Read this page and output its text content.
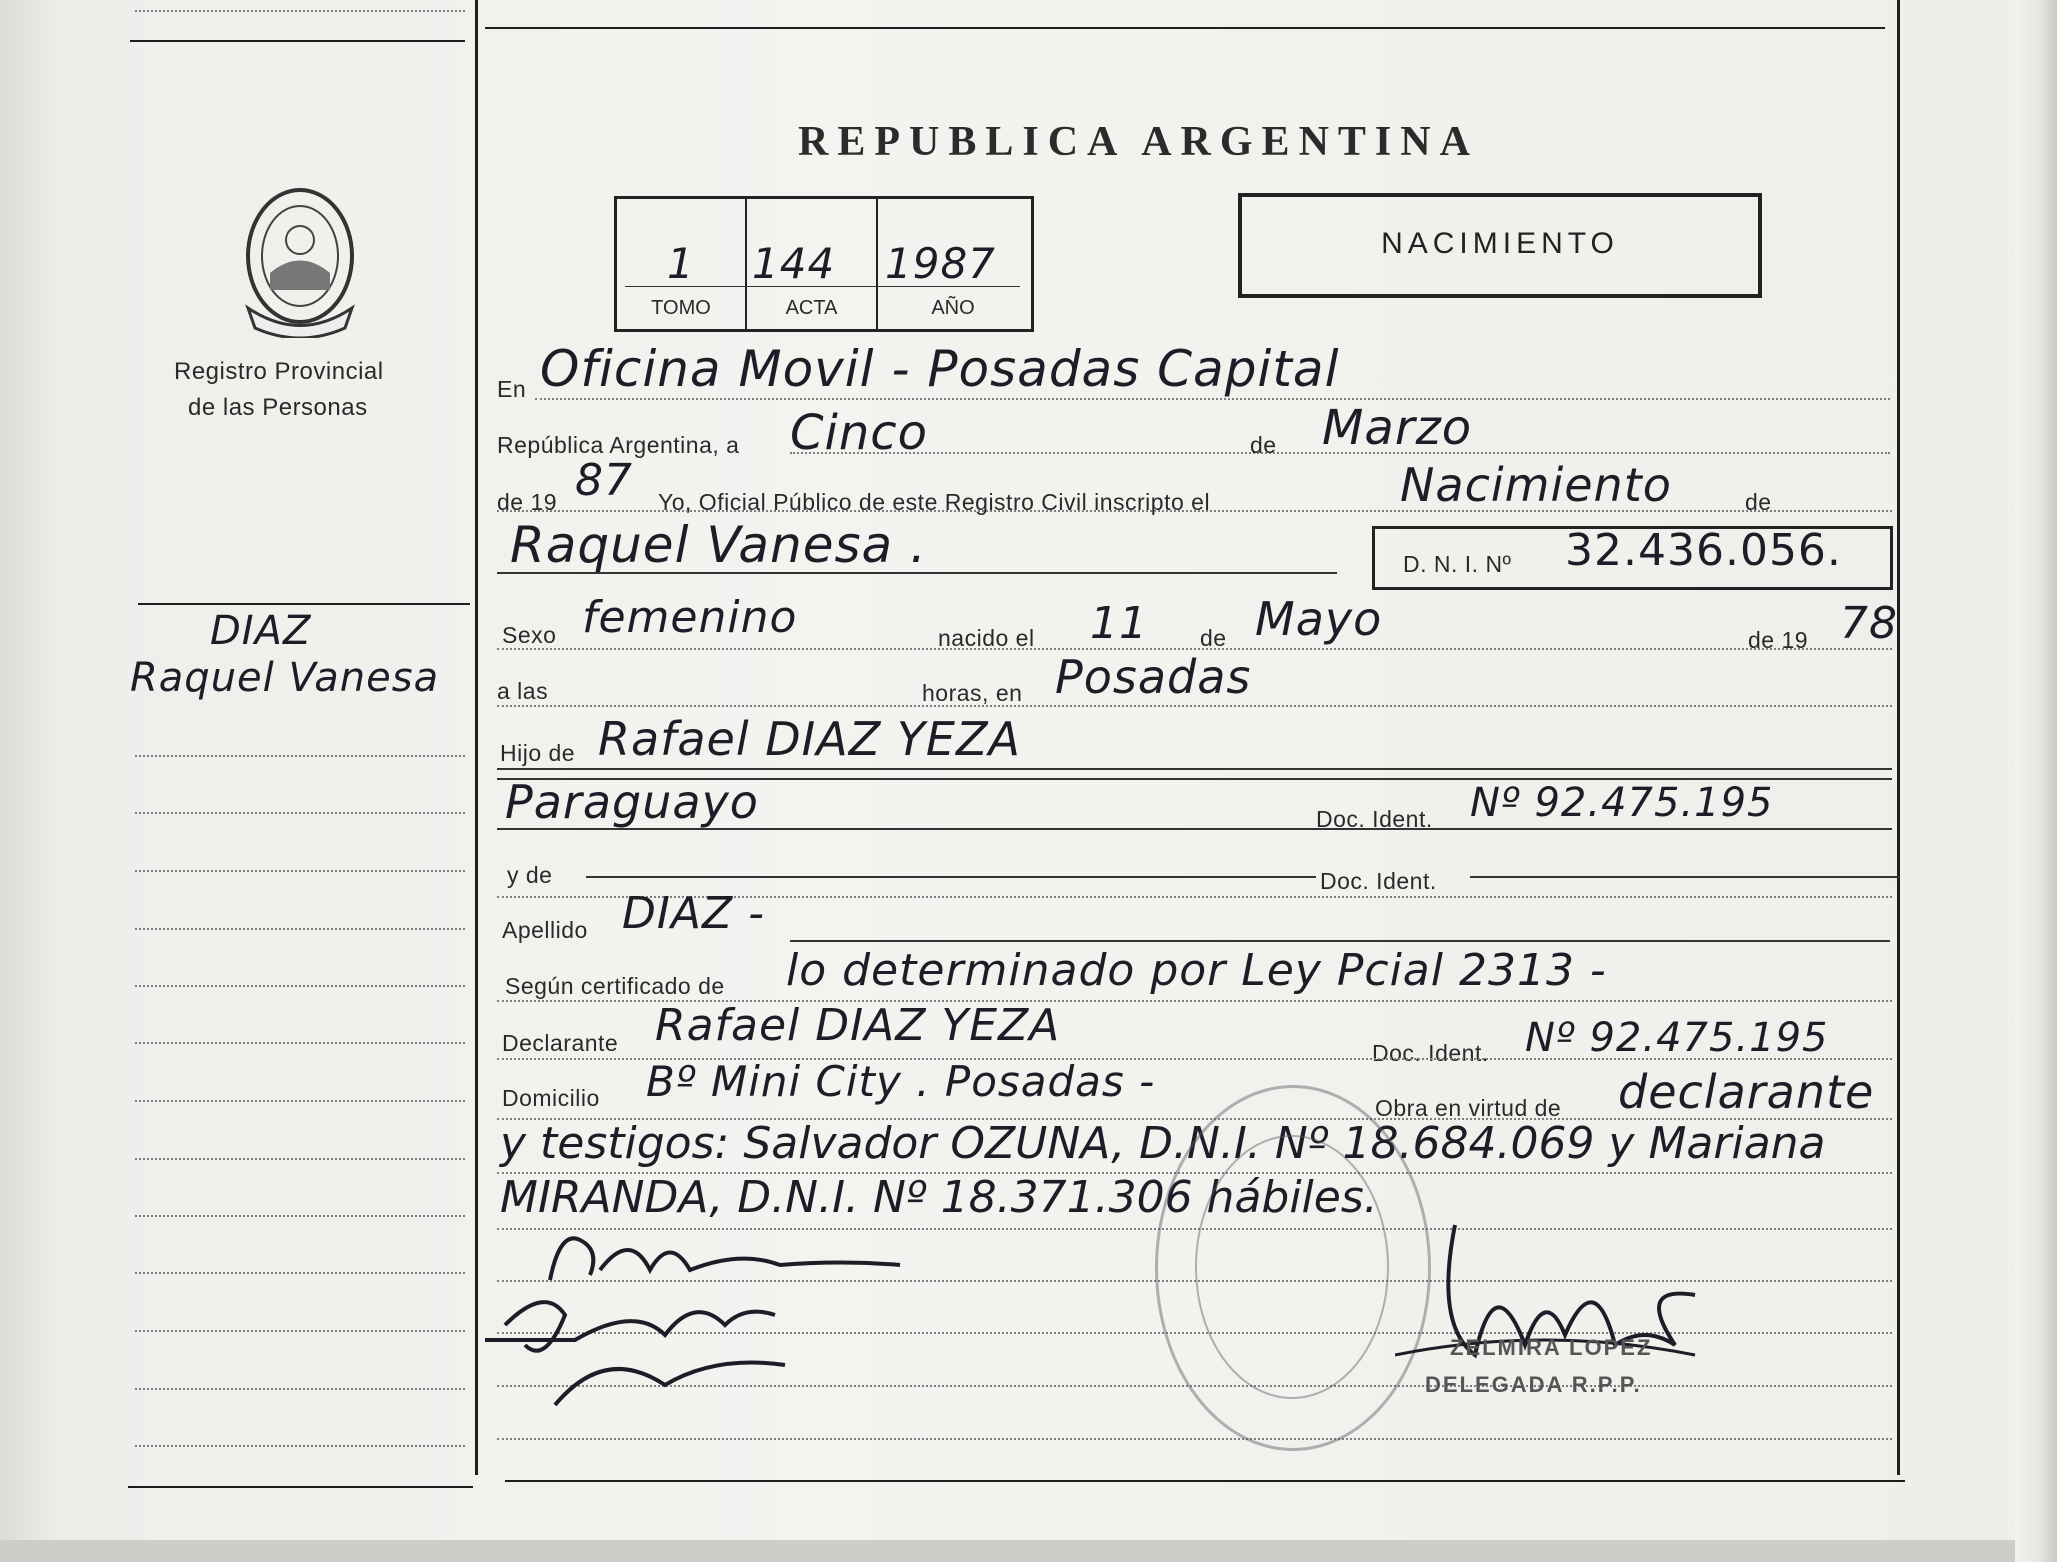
Registro Provincial
de las Personas
DIAZ
Raquel Vanesa
REPUBLICA ARGENTINA
1 144 1987
TOMO	ACTA	AÑO
NACIMIENTO
En Oficina Movil - Posadas Capital
República Argentina, a Cinco	de Marzo
de 19 87 Yo, Oficial Público de este Registro Civil inscripto el	Nacimiento	de
Raquel Vanesa .	D. N. I. Nº 32.436.056.
Sexo femenino	nacido el 11 de Mayo	de 19 78
a las	horas, en Posadas
Hijo de Rafael DIAZ YEZA
Paraguayo	Doc. Ident. Nº 92.475.195
y de	Doc. Ident.
Apellido DIAZ -
Según certificado de lo determinado por Ley Pcial 2313 -
Declarante Rafael DIAZ YEZA
Doc. Ident. Nº 92.475.195
Domicilio Bº Mini City . Posadas -
Obra en virtud de declarante
y testigos: Salvador OZUNA, D.N.I. Nº 18.684.069 y Mariana
MIRANDA, D.N.I. Nº 18.371.306 hábiles.
ZELMIRA LOPEZ
DELEGADA R.P.P.
